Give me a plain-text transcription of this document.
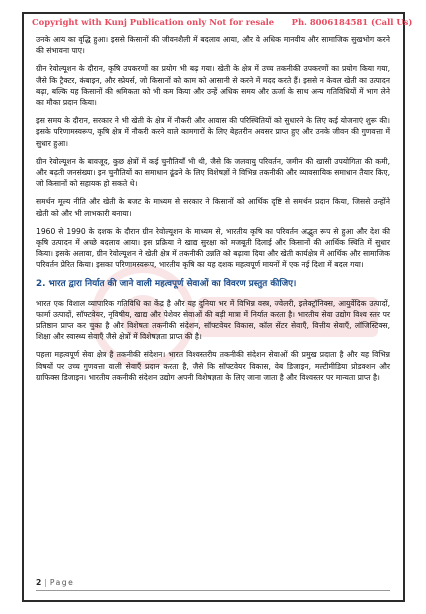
Copyright with Kunj Publication only Not for resale Ph. 8006184581 (Call Us)

उनके आय का वृद्धि हुआ। इससे किसानों की जीवनशैली में बदलाव आया, और वे अधिक मानवीय और सामाजिक सुखभोग करने की संभावना पाए।

ग्रीन रेवोल्यूशन के दौरान, कृषि उपकरणों का प्रयोग भी बढ़ गया। खेती के क्षेत्र में उच्च तकनीकी उपकरणों का प्रयोग किया गया, जैसे कि ट्रैक्टर, कंबाइन, और स्प्रेयर्स, जो किसानों को काम को आसानी से करने में मदद करते हैं। इससे न केवल खेती का उत्पादन बढ़ा, बल्कि यह किसानों की श्रमिकता को भी कम किया और उन्हें अधिक समय और ऊर्जा के साथ अन्य गतिविधियों में भाग लेने का मौका प्रदान किया।

इस समय के दौरान, सरकार ने भी खेती के क्षेत्र में नौकरी और आवास की परिस्थितियों को सुधारने के लिए कई योजनाएं शुरू की। इसके परिणामस्वरूप, कृषि क्षेत्र में नौकरी करने वाले कामगारों के लिए बेहतरीन अवसर प्राप्त हुए और उनके जीवन की गुणवत्ता में सुधार हुआ।

ग्रीन रेवोल्यूशन के बावजूद, कुछ क्षेत्रों में कई चुनौतियाँ भी थी, जैसे कि जलवायु परिवर्तन, जमीन की खासी उपयोगिता की कमी, और बढ़ती जनसंख्या। इन चुनौतियों का समाधान ढूंढने के लिए विशेषज्ञों ने विभिन्न तकनीकी और व्यावसायिक समाधान तैयार किए, जो किसानों को सहायक हो सकते थे।

समर्थन मूल्य नीति और खेती के बजट के माध्यम से सरकार ने किसानों को आर्थिक दृष्टि से समर्थन प्रदान किया, जिससे उन्होंने खेती को और भी लाभकारी बनाया।

1960 से 1990 के दशक के दौरान ग्रीन रेवोल्यूशन के माध्यम से, भारतीय कृषि का परिवर्तन अद्भुत रूप से हुआ और देश की कृषि उत्पादन में अच्छे बदलाव आया। इस प्रक्रिया ने खाद्य सुरक्षा को मजबूती दिलाई और किसानों की आर्थिक स्थिति में सुधार किया। इसके अलावा, ग्रीन रेवोल्यूशन ने खेती क्षेत्र में तकनीकी उन्नति को बढ़ावा दिया और खेती कार्यक्षेत्र में आर्थिक और सामाजिक परिवर्तन प्रेरित किया। इसका परिणामस्वरूप, भारतीय कृषि का यह दशक महत्वपूर्ण मायनों में एक नई दिशा में बदल गया।

2. भारत द्वारा निर्यात की जाने वाली महत्वपूर्ण सेवाओं का विवरण प्रस्तुत कीजिए।

भारत एक विशाल व्यापारिक गतिविधि का केंद्र है और यह दुनिया भर में विभिन्न वस्त्र, ज्वेलरी, इलेक्ट्रॉनिक्स, आयुर्वेदिक उत्पादों, फार्मा उत्पादों, सॉफ्टवेयर, नृविषीय, खाद्य और पेशेवर सेवाओं की बड़ी मात्रा में निर्यात करता है। भारतीय सेवा उद्योग विश्व स्तर पर प्रतिष्ठान प्राप्त कर चुका है और विशेषतः तकनीकी संदेशन, सॉफ्टवेयर विकास, कॉल सेंटर सेवाएँ, वित्तीय सेवाएँ, लॉजिस्टिक्स, शिक्षा और स्वास्थ्य सेवाएँ जैसे क्षेत्रों में विशेषज्ञता प्राप्त की है।

पहला महत्वपूर्ण सेवा क्षेत्र है तकनीकी संदेशन। भारत विश्वस्तरीय तकनीकी संदेशन सेवाओं की प्रमुख प्रदाता है और यह विभिन्न विषयों पर उच्च गुणवत्ता वाली सेवाएँ प्रदान करता है, जैसे कि सॉफ्टवेयर विकास, वेब डिजाइन, मल्टीमीडिया प्रोडक्शन और ग्राफिक्स डिजाइन। भारतीय तकनीकी संदेशन उद्योग अपनी विशेषज्ञता के लिए जाना जाता है और विश्वस्तर पर मान्यता प्राप्त है।

2 | Page
